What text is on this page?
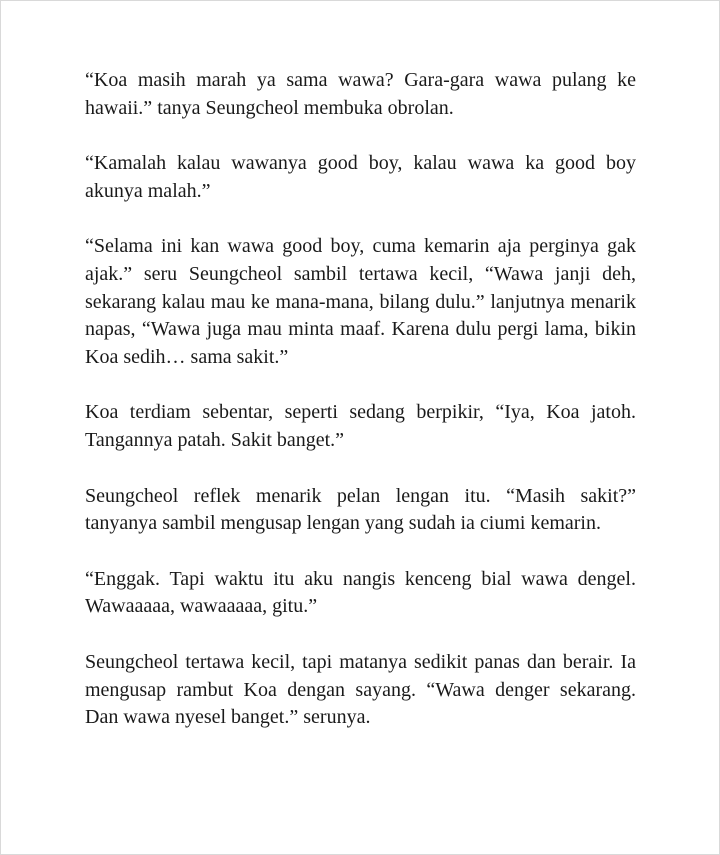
“Koa masih marah ya sama wawa? Gara-gara wawa pulang ke hawaii.” tanya Seungcheol membuka obrolan.

“Kamalah kalau wawanya good boy, kalau wawa ka good boy akunya malah.”

“Selama ini kan wawa good boy, cuma kemarin aja perginya gak ajak.” seru Seungcheol sambil tertawa kecil, “Wawa janji deh, sekarang kalau mau ke mana-mana, bilang dulu.” lanjutnya menarik napas, “Wawa juga mau minta maaf. Karena dulu pergi lama, bikin Koa sedih… sama sakit.”

Koa terdiam sebentar, seperti sedang berpikir, “Iya, Koa jatoh. Tangannya patah. Sakit banget.”

Seungcheol reflek menarik pelan lengan itu. “Masih sakit?” tanyanya sambil mengusap lengan yang sudah ia ciumi kemarin.

“Enggak. Tapi waktu itu aku nangis kenceng bial wawa dengel. Wawaaaaa, wawaaaaa, gitu.”

Seungcheol tertawa kecil, tapi matanya sedikit panas dan berair. Ia mengusap rambut Koa dengan sayang. “Wawa denger sekarang. Dan wawa nyesel banget.” serunya.
